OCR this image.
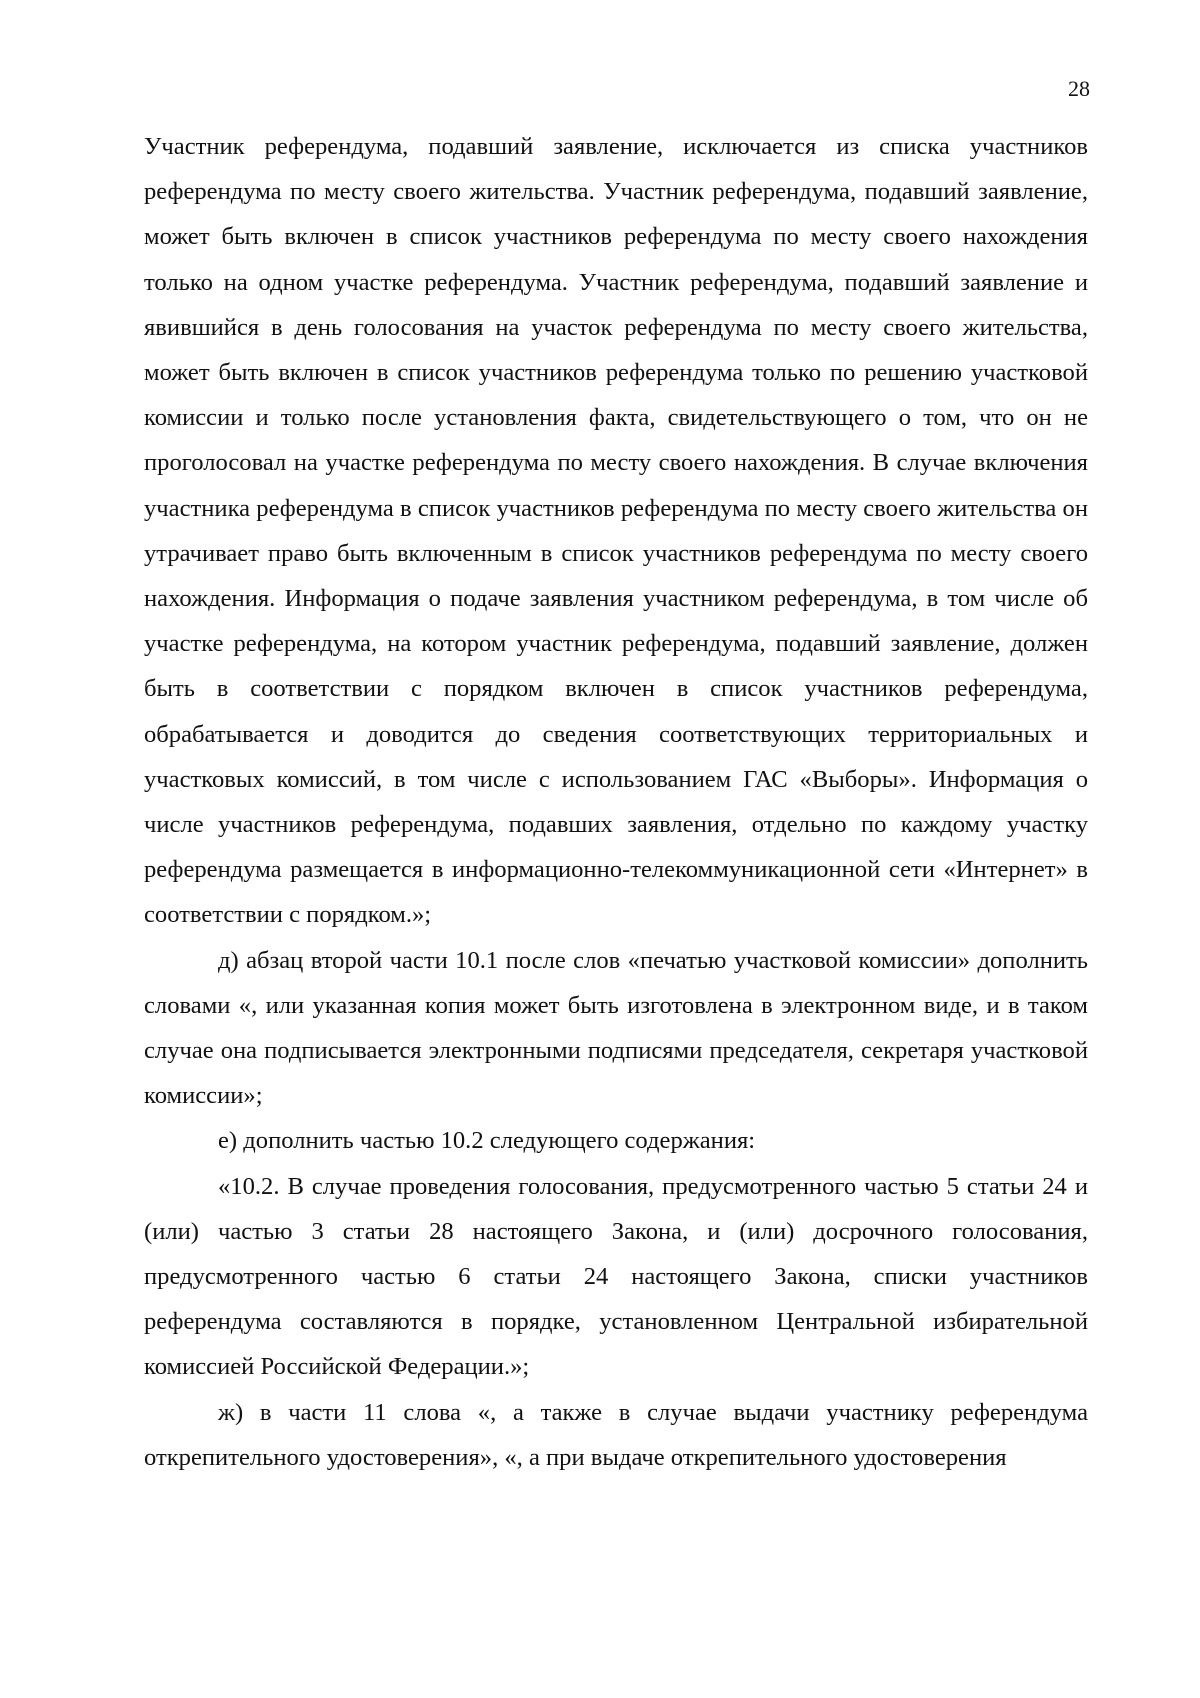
28

Участник референдума, подавший заявление, исключается из списка участников референдума по месту своего жительства. Участник референдума, подавший заявление, может быть включен в список участников референдума по месту своего нахождения только на одном участке референдума. Участник референдума, подавший заявление и явившийся в день голосования на участок референдума по месту своего жительства, может быть включен в список участников референдума только по решению участковой комиссии и только после установления факта, свидетельствующего о том, что он не проголосовал на участке референдума по месту своего нахождения. В случае включения участника референдума в список участников референдума по месту своего жительства он утрачивает право быть включенным в список участников референдума по месту своего нахождения. Информация о подаче заявления участником референдума, в том числе об участке референдума, на котором участник референдума, подавший заявление, должен быть в соответствии с порядком включен в список участников референдума, обрабатывается и доводится до сведения соответствующих территориальных и участковых комиссий, в том числе с использованием ГАС «Выборы». Информация о числе участников референдума, подавших заявления, отдельно по каждому участку референдума размещается в информационно-телекоммуникационной сети «Интернет» в соответствии с порядком.»;

д) абзац второй части 10.1 после слов «печатью участковой комиссии» дополнить словами «, или указанная копия может быть изготовлена в электронном виде, и в таком случае она подписывается электронными подписями председателя, секретаря участковой комиссии»;

е) дополнить частью 10.2 следующего содержания:

«10.2. В случае проведения голосования, предусмотренного частью 5 статьи 24 и (или) частью 3 статьи 28 настоящего Закона, и (или) досрочного голосования, предусмотренного частью 6 статьи 24 настоящего Закона, списки участников референдума составляются в порядке, установленном Центральной избирательной комиссией Российской Федерации.»;

ж) в части 11 слова «, а также в случае выдачи участнику референдума открепительного удостоверения», «, а при выдаче открепительного удостоверения
